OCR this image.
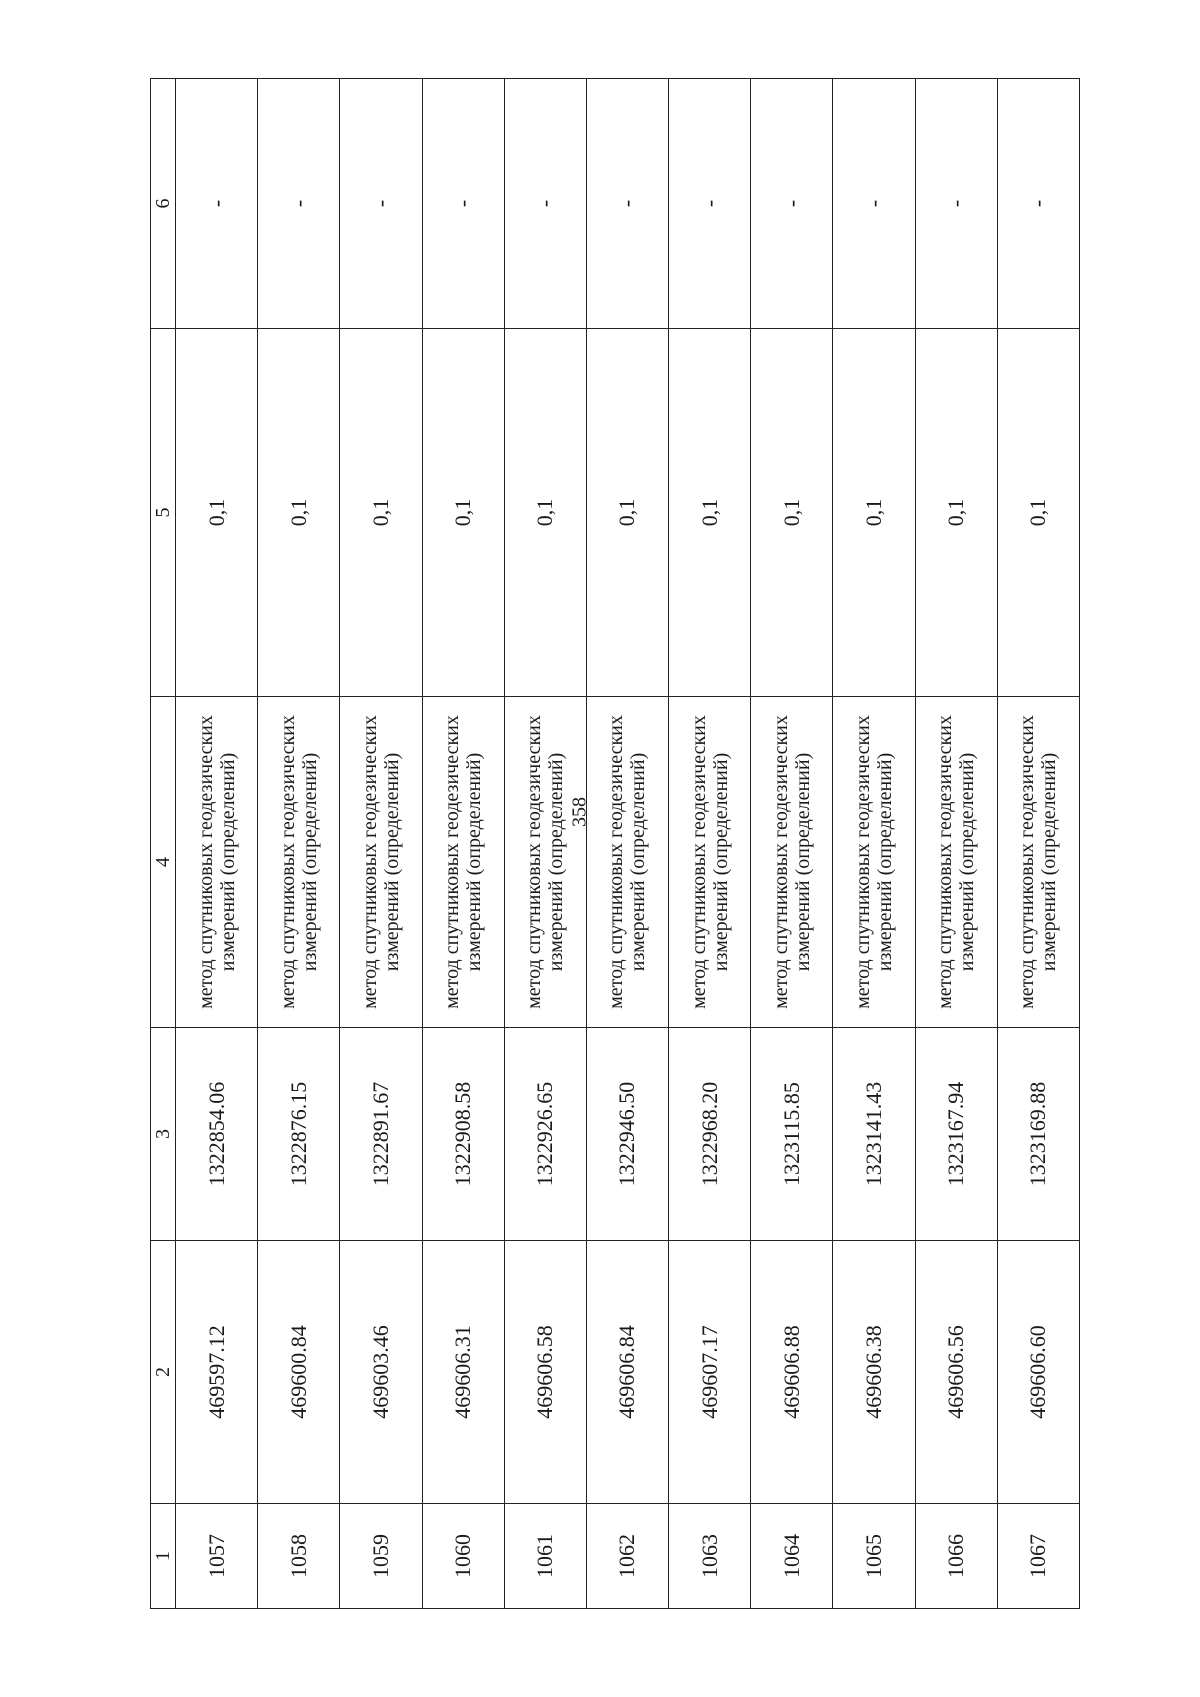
358
1	2	3	4	5	6
1057	469597.12	1322854.06	метод спутниковых геодезических измерений (определений)	0,1	-
1058	469600.84	1322876.15	метод спутниковых геодезических измерений (определений)	0,1	-
1059	469603.46	1322891.67	метод спутниковых геодезических измерений (определений)	0,1	-
1060	469606.31	1322908.58	метод спутниковых геодезических измерений (определений)	0,1	-
1061	469606.58	1322926.65	метод спутниковых геодезических измерений (определений)	0,1	-
1062	469606.84	1322946.50	метод спутниковых геодезических измерений (определений)	0,1	-
1063	469607.17	1322968.20	метод спутниковых геодезических измерений (определений)	0,1	-
1064	469606.88	1323115.85	метод спутниковых геодезических измерений (определений)	0,1	-
1065	469606.38	1323141.43	метод спутниковых геодезических измерений (определений)	0,1	-
1066	469606.56	1323167.94	метод спутниковых геодезических измерений (определений)	0,1	-
1067	469606.60	1323169.88	метод спутниковых геодезических измерений (определений)	0,1	-
